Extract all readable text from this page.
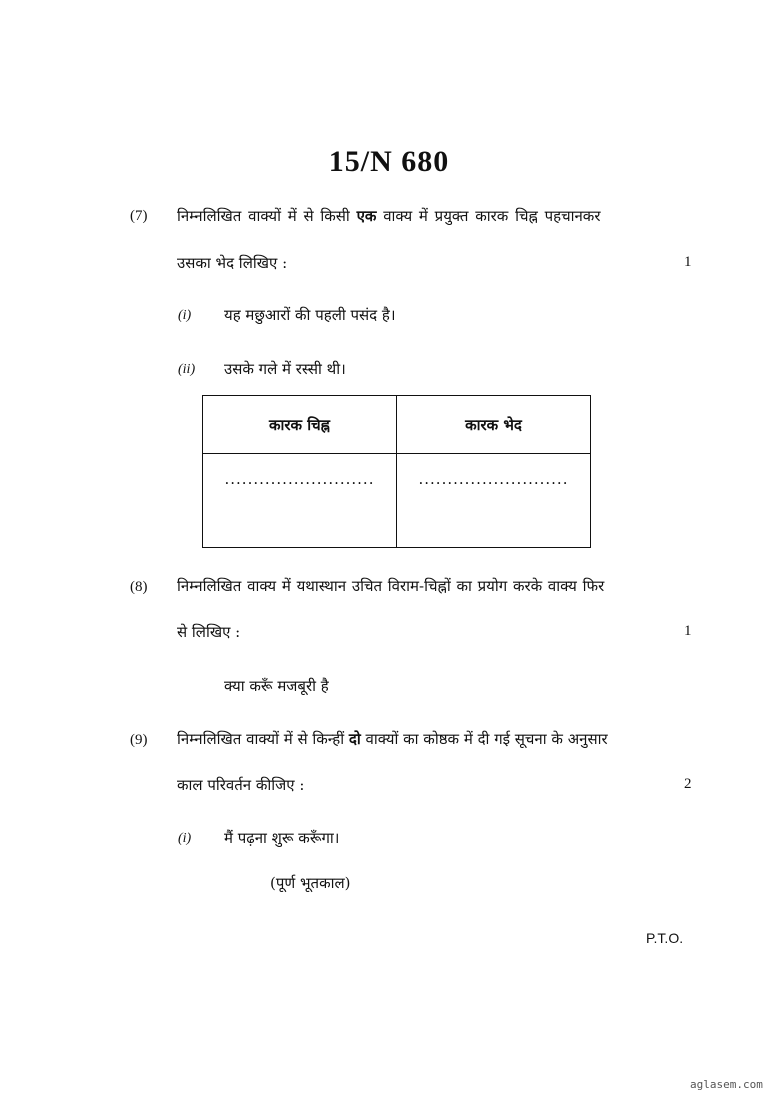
15/N 680
(7) निम्नलिखित वाक्यों में से किसी एक वाक्य में प्रयुक्त कारक चिह्न पहचानकर
उसका भेद लिखिए :	1
(i) यह मछुआरों की पहली पसंद है।
(ii) उसके गले में रस्सी थी।
कारक चिह्न	कारक भेद
..........................	..........................
(8) निम्नलिखित वाक्य में यथास्थान उचित विराम-चिह्नों का प्रयोग करके वाक्य फिर
से लिखिए :	1
क्या करूँ मजबूरी है
(9) निम्नलिखित वाक्यों में से किन्हीं दो वाक्यों का कोष्ठक में दी गई सूचना के अनुसार
काल परिवर्तन कीजिए :	2
(i) मैं पढ़ना शुरू करूँगा।
(पूर्ण भूतकाल)
P.T.O.
aglasem.com
